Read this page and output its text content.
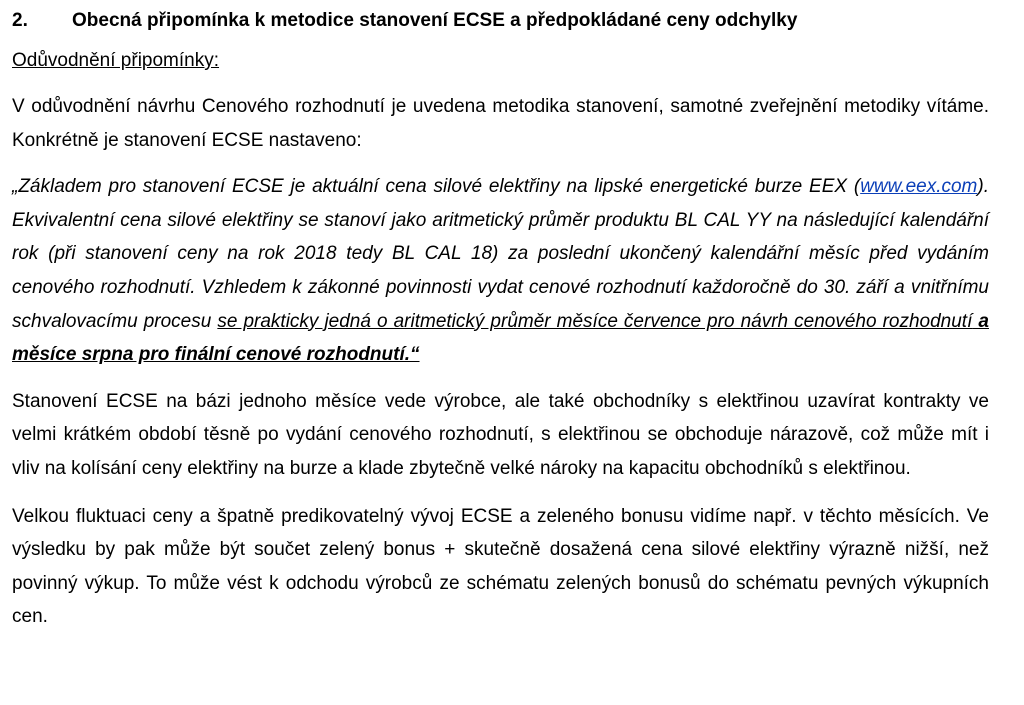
2. Obecná připomínka k metodice stanovení ECSE a předpokládané ceny odchylky
Odůvodnění připomínky:

V odůvodnění návrhu Cenového rozhodnutí je uvedena metodika stanovení, samotné zveřejnění metodiky vítáme. Konkrétně je stanovení ECSE nastaveno:

„Základem pro stanovení ECSE je aktuální cena silové elektřiny na lipské energetické burze EEX (www.eex.com). Ekvivalentní cena silové elektřiny se stanoví jako aritmetický průměr produktu BL CAL YY na následující kalendářní rok (při stanovení ceny na rok 2018 tedy BL CAL 18) za poslední ukončený kalendářní měsíc před vydáním cenového rozhodnutí. Vzhledem k zákonné povinnosti vydat cenové rozhodnutí každoročně do 30. září a vnitřnímu schvalovacímu procesu se prakticky jedná o aritmetický průměr měsíce července pro návrh cenového rozhodnutí a měsíce srpna pro finální cenové rozhodnutí.“

Stanovení ECSE na bázi jednoho měsíce vede výrobce, ale také obchodníky s elektřinou uzavírat kontrakty ve velmi krátkém období těsně po vydání cenového rozhodnutí, s elektřinou se obchoduje nárazově, což může mít i vliv na kolísání ceny elektřiny na burze a klade zbytečně velké nároky na kapacitu obchodníků s elektřinou.

Velkou fluktuaci ceny a špatně predikovatelný vývoj ECSE a zeleného bonusu vidíme např. v těchto měsících. Ve výsledku by pak může být součet zelený bonus + skutečně dosažená cena silové elektřiny výrazně nižší, než povinný výkup. To může vést k odchodu výrobců ze schématu zelených bonusů do schématu pevných výkupních cen.
